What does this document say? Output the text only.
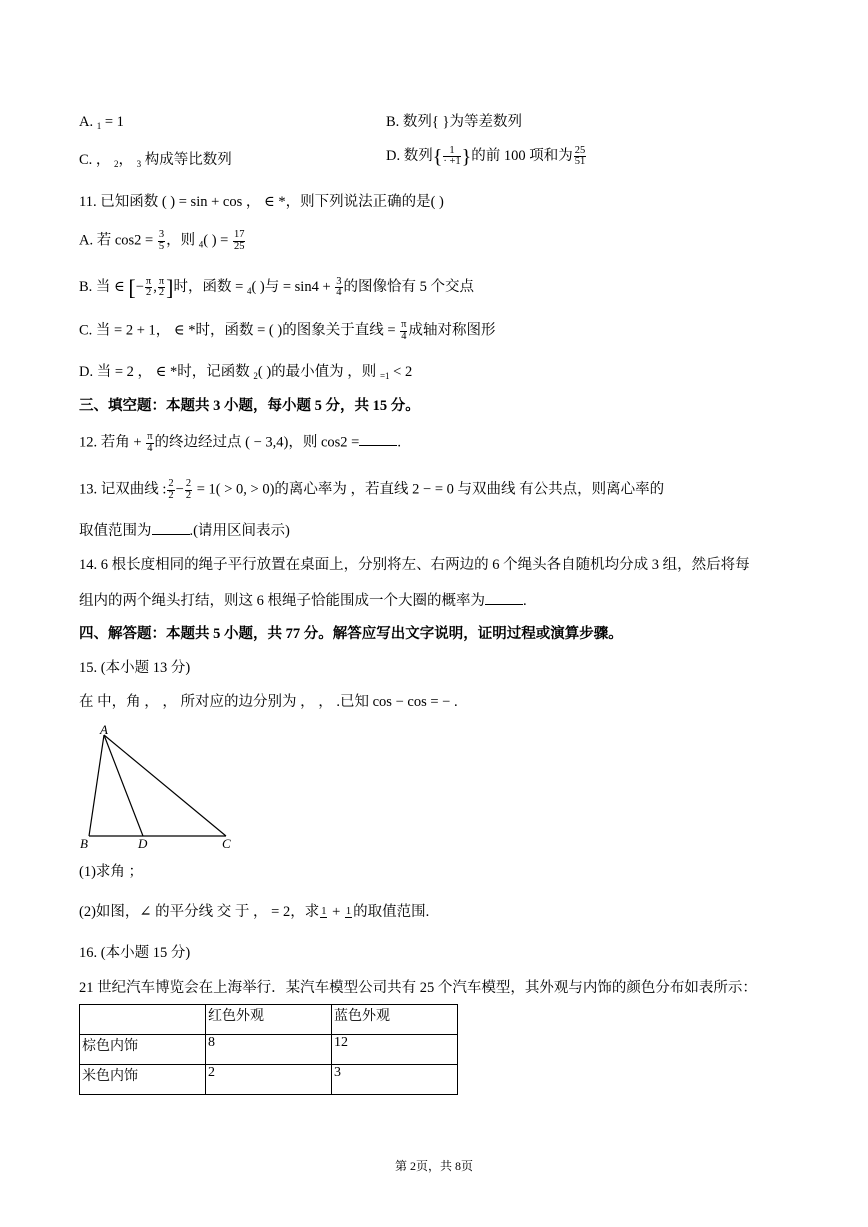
A. $_1$ = 1	B. 数列{ }为等差数列
C. ， $_2$， $_3$ 构成等比数列	D. 数列{ $\frac{1}{\cdot +1}$ }的前 100 项和为 $\frac{25}{51}$
11. 已知函数 ( ) = sin + cos ， ∈ *，则下列说法正确的是( )
A. 若 $\cos 2 = \frac{3}{5}$ ，则 $_4$( ) = $\frac{17}{25}$
B. 当 ∈ [− $\frac{\pi}{2}$ , $\frac{\pi}{2}$ ]时，函数 = $_4$( )与 = $\sin 4 + \frac{3}{4}$ 的图像恰有 5 个交点
C. 当 = 2 + 1， ∈ *时，函数 = ( )的图象关于直线 = $\frac{\pi}{4}$ 成轴对称图形
D. 当 = 2 ， ∈ *时，记函数 $_2$( )的最小值为 ，则 $_{=1}$ < 2
三、填空题：本题共 3 小题，每小题 5 分，共 15 分。
12. 若角 + $\frac{\pi}{4}$ 的终边经过点 ( − 3,4)，则 cos2 =	.
13. 记双曲线 : $\frac{2}{2} - \frac{2}{2} = 1( > 0$, > 0)的离心率为 ，若直线 2 − = 0 与双曲线 有公共点，则离心率的
取值范围为	.(请用区间表示)
14. 6 根长度相同的绳子平行放置在桌面上，分别将左、右两边的 6 个绳头各自随机均分成 3 组，然后将每
组内的两个绳头打结，则这 6 根绳子恰能围成一个大圈的概率为	.
四、解答题：本题共 5 小题，共 77 分。解答应写出文字说明，证明过程或演算步骤。
15. (本小题 13 分)
在 中，角 ， ， 所对应的边分别为 ， ， .已知 cos − cos = − .
A
B	D	C
(1)求角 ；
(2)如图，∠ 的平分线 交 于 ， = 2，求 1 + 1 的取值范围.
16. (本小题 15 分)
21 世纪汽车博览会在上海举行．某汽车模型公司共有 25 个汽车模型，其外观与内饰的颜色分布如表所示：
	红色外观	蓝色外观
棕色内饰	8	12
米色内饰	2	3
第 2页，共 8页
